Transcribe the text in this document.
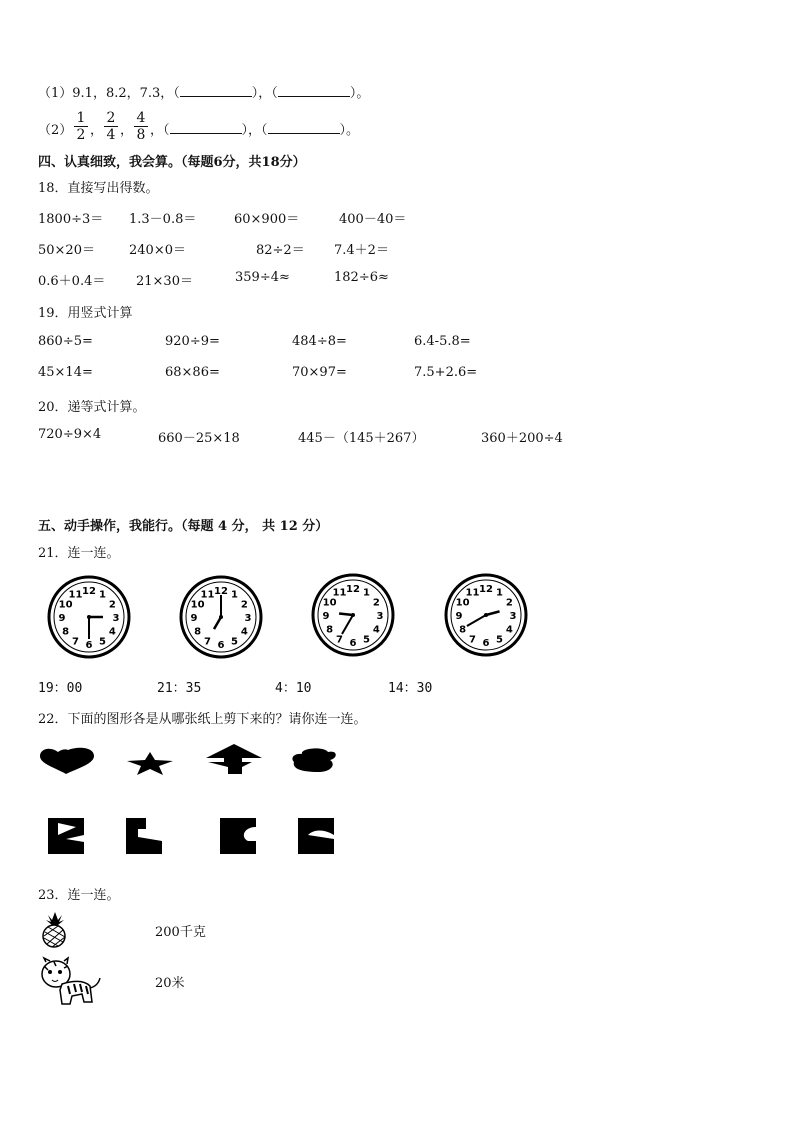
（1）9.1，8.2，7.3，（	），（	）。
$(2) \frac{1}{2}$ ， $\frac{2}{4}$ ， $\frac{4}{8}$ ，（	），（	）。
四、认真细致，我会算。（每题6分，共18分）
18．直接写出得数。
1800÷3＝ 1.3－0.8＝	60×900＝	400－40＝
50×20＝	240×0＝	82÷2＝ 7.4＋2＝
0.6＋0.4＝ 21×30＝	359÷4≈	182÷6≈
19．用竖式计算
860÷5=	920÷9=	484÷8=	6.4-5.8=
45×14=	68×86=	70×97=	7.5+2.6=
20．递等式计算。
720÷9×4	660－25×18	445－（145＋267）	360＋200÷4
五、动手操作，我能行。（每题 4 分， 共 12 分）
21．连一连。
12 1
2
3
4
5
6
7
8
9
10
11	12 1
2
3
4
5
6
7
8
9
10
11
12 1
2
3
4
5
6
7
8
9
10
11	12 1
2
3
4
5
6
7
8
9
10
11
19：00	21：35	4：10	14：30
22．下面的图形各是从哪张纸上剪下来的？请你连一连。
23．连一连。
200千克
20米
